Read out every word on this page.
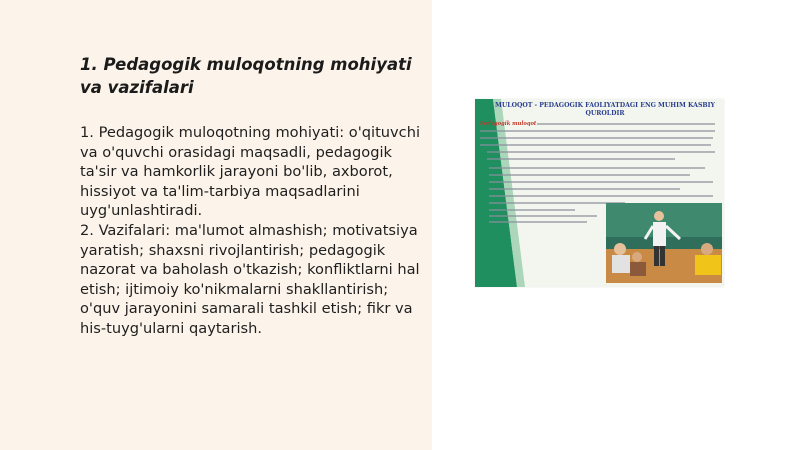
1. Pedagogik muloqotning mohiyati va vazifalari

1. Pedagogik muloqotning mohiyati: o'qituvchi va o'quvchi orasidagi maqsadli, pedagogik ta'sir va hamkorlik jarayoni bo'lib, axborot, hissiyot va ta'lim-tarbiya maqsadlarini uyg'unlashtiradi.

2. Vazifalari: ma'lumot almashish; motivatsiya yaratish; shaxsni rivojlantirish; pedagogik nazorat va baholash o'tkazish; konfliktlarni hal etish; ijtimoiy ko'nikmalarni shakllantirish; o'quv jarayonini samarali tashkil etish; fikr va his-tuyg'ularni qaytarish.

MULOQOT - PEDAGOGIK FAOLIYATDAGI ENG MUHIM KASBIY
QUROLDIR
Pedagogik muloqot
